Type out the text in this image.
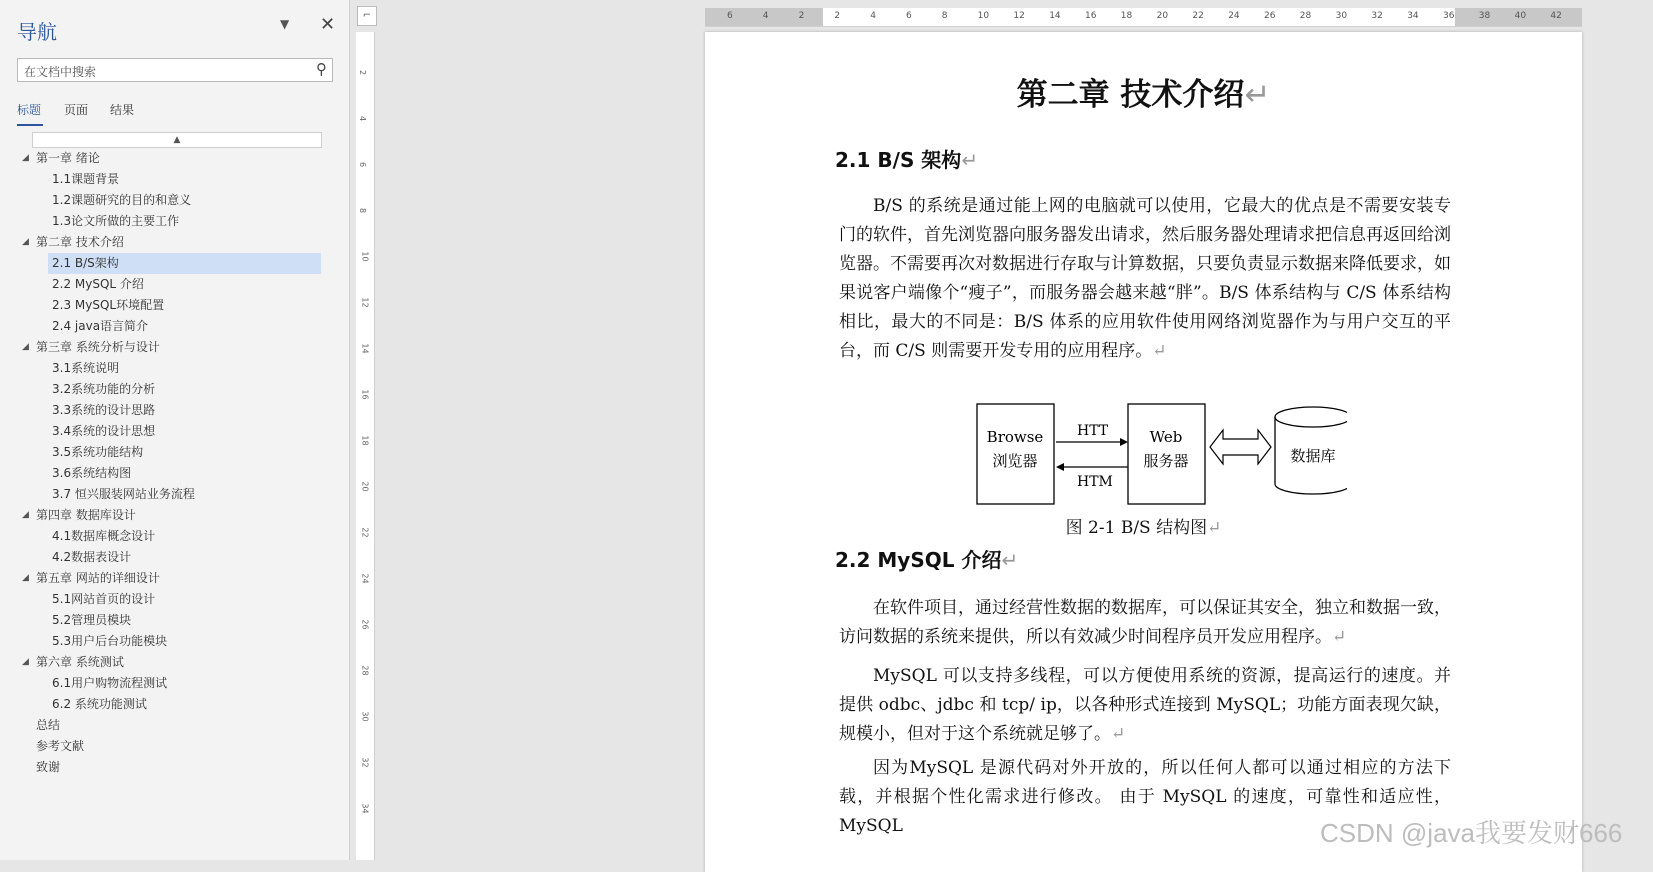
导航	▼ ✕
在文档中搜索	⚲
标题 页面 结果
▲
◢ 第一章 绪论
1.1课题背景
1.2课题研究的目的和意义
1.3论文所做的主要工作
◢ 第二章 技术介绍
2.1 B/S架构
2.2 MySQL 介绍
2.3 MySQL环境配置
2.4 java语言简介
◢ 第三章 系统分析与设计
3.1系统说明
3.2系统功能的分析
3.3系统的设计思路
3.4系统的设计思想
3.5系统功能结构
3.6系统结构图
3.7 恒兴服装网站业务流程
◢ 第四章 数据库设计
4.1数据库概念设计
4.2数据表设计
◢ 第五章 网站的详细设计
5.1网站首页的设计
5.2管理员模块
5.3用户后台功能模块
◢ 第六章 系统测试
6.1用户购物流程测试
6.2 系统功能测试
总结
参考文献
致谢
⌐
2
4
6
8
10
12
14
16
18
20
22
24
26
28
30
32
34
6	4	2	2	4	6	8	10	12	14	16	18	20	22	24	26	28	30	32	34	36	38	40	42
第二章 技术介绍↵
2.1 B/S 架构↵
B/S 的系统是通过能上网的电脑就可以使用，它最大的优点是不需要安装专门的软件，首先浏览器向服务器发出请求，然后服务器处理请求把信息再返回给浏览器。不需要再次对数据进行存取与计算数据，只要负责显示数据来降低要求，如果说客户端像个“瘦子”，而服务器会越来越“胖”。B/S 体系结构与 C/S 体系结构相比，最大的不同是：B/S 体系的应用软件使用网络浏览器作为与用户交互的平台，而 C/S 则需要开发专用的应用程序。↵
Browse
浏览器
HTT
HTM
Web
服务器	数据库
图 2-1 B/S 结构图↵
2.2 MySQL 介绍↵
在软件项目，通过经营性数据的数据库，可以保证其安全，独立和数据一致，访问数据的系统来提供，所以有效减少时间程序员开发应用程序。↵
MySQL 可以支持多线程，可以方便使用系统的资源，提高运行的速度。并提供 odbc、jdbc 和 tcp/ ip，以各种形式连接到 MySQL；功能方面表现欠缺，规模小，但对于这个系统就足够了。↵
因为MySQL 是源代码对外开放的，所以任何人都可以通过相应的方法下载，并根据个性化需求进行修改。 由于 MySQL 的速度，可靠性和适应性，MySQL	CSDN @java我要发财666
